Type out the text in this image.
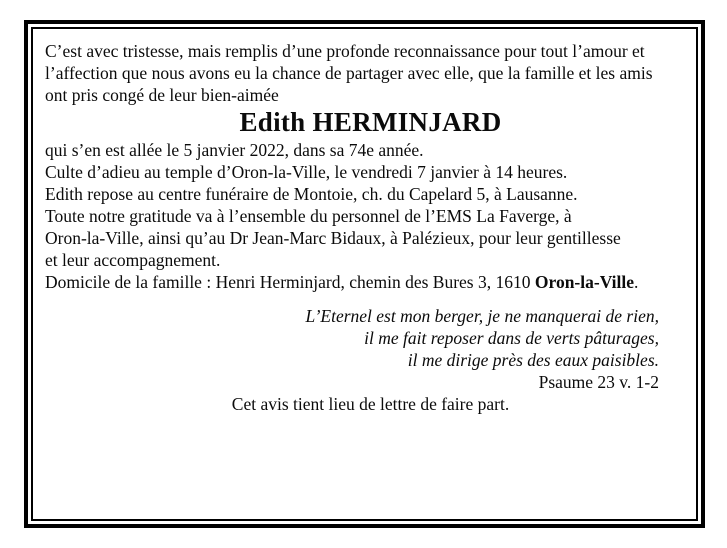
C’est avec tristesse, mais remplis d’une profonde reconnaissance pour tout l’amour et
l’affection que nous avons eu la chance de partager avec elle, que la famille et les amis
ont pris congé de leur bien-aimée

Edith HERMINJARD

qui s’en est allée le 5 janvier 2022, dans sa 74e année.
Culte d’adieu au temple d’Oron-la-Ville, le vendredi 7 janvier à 14 heures.
Edith repose au centre funéraire de Montoie, ch. du Capelard 5, à Lausanne.
Toute notre gratitude va à l’ensemble du personnel de l’EMS La Faverge, à
Oron-la-Ville, ainsi qu’au Dr Jean-Marc Bidaux, à Palézieux, pour leur gentillesse
et leur accompagnement.
Domicile de la famille : Henri Herminjard, chemin des Bures 3, 1610 Oron-la-Ville.

L’Eternel est mon berger, je ne manquerai de rien,
il me fait reposer dans de verts pâturages,
il me dirige près des eaux paisibles.
Psaume 23 v. 1-2

Cet avis tient lieu de lettre de faire part.
